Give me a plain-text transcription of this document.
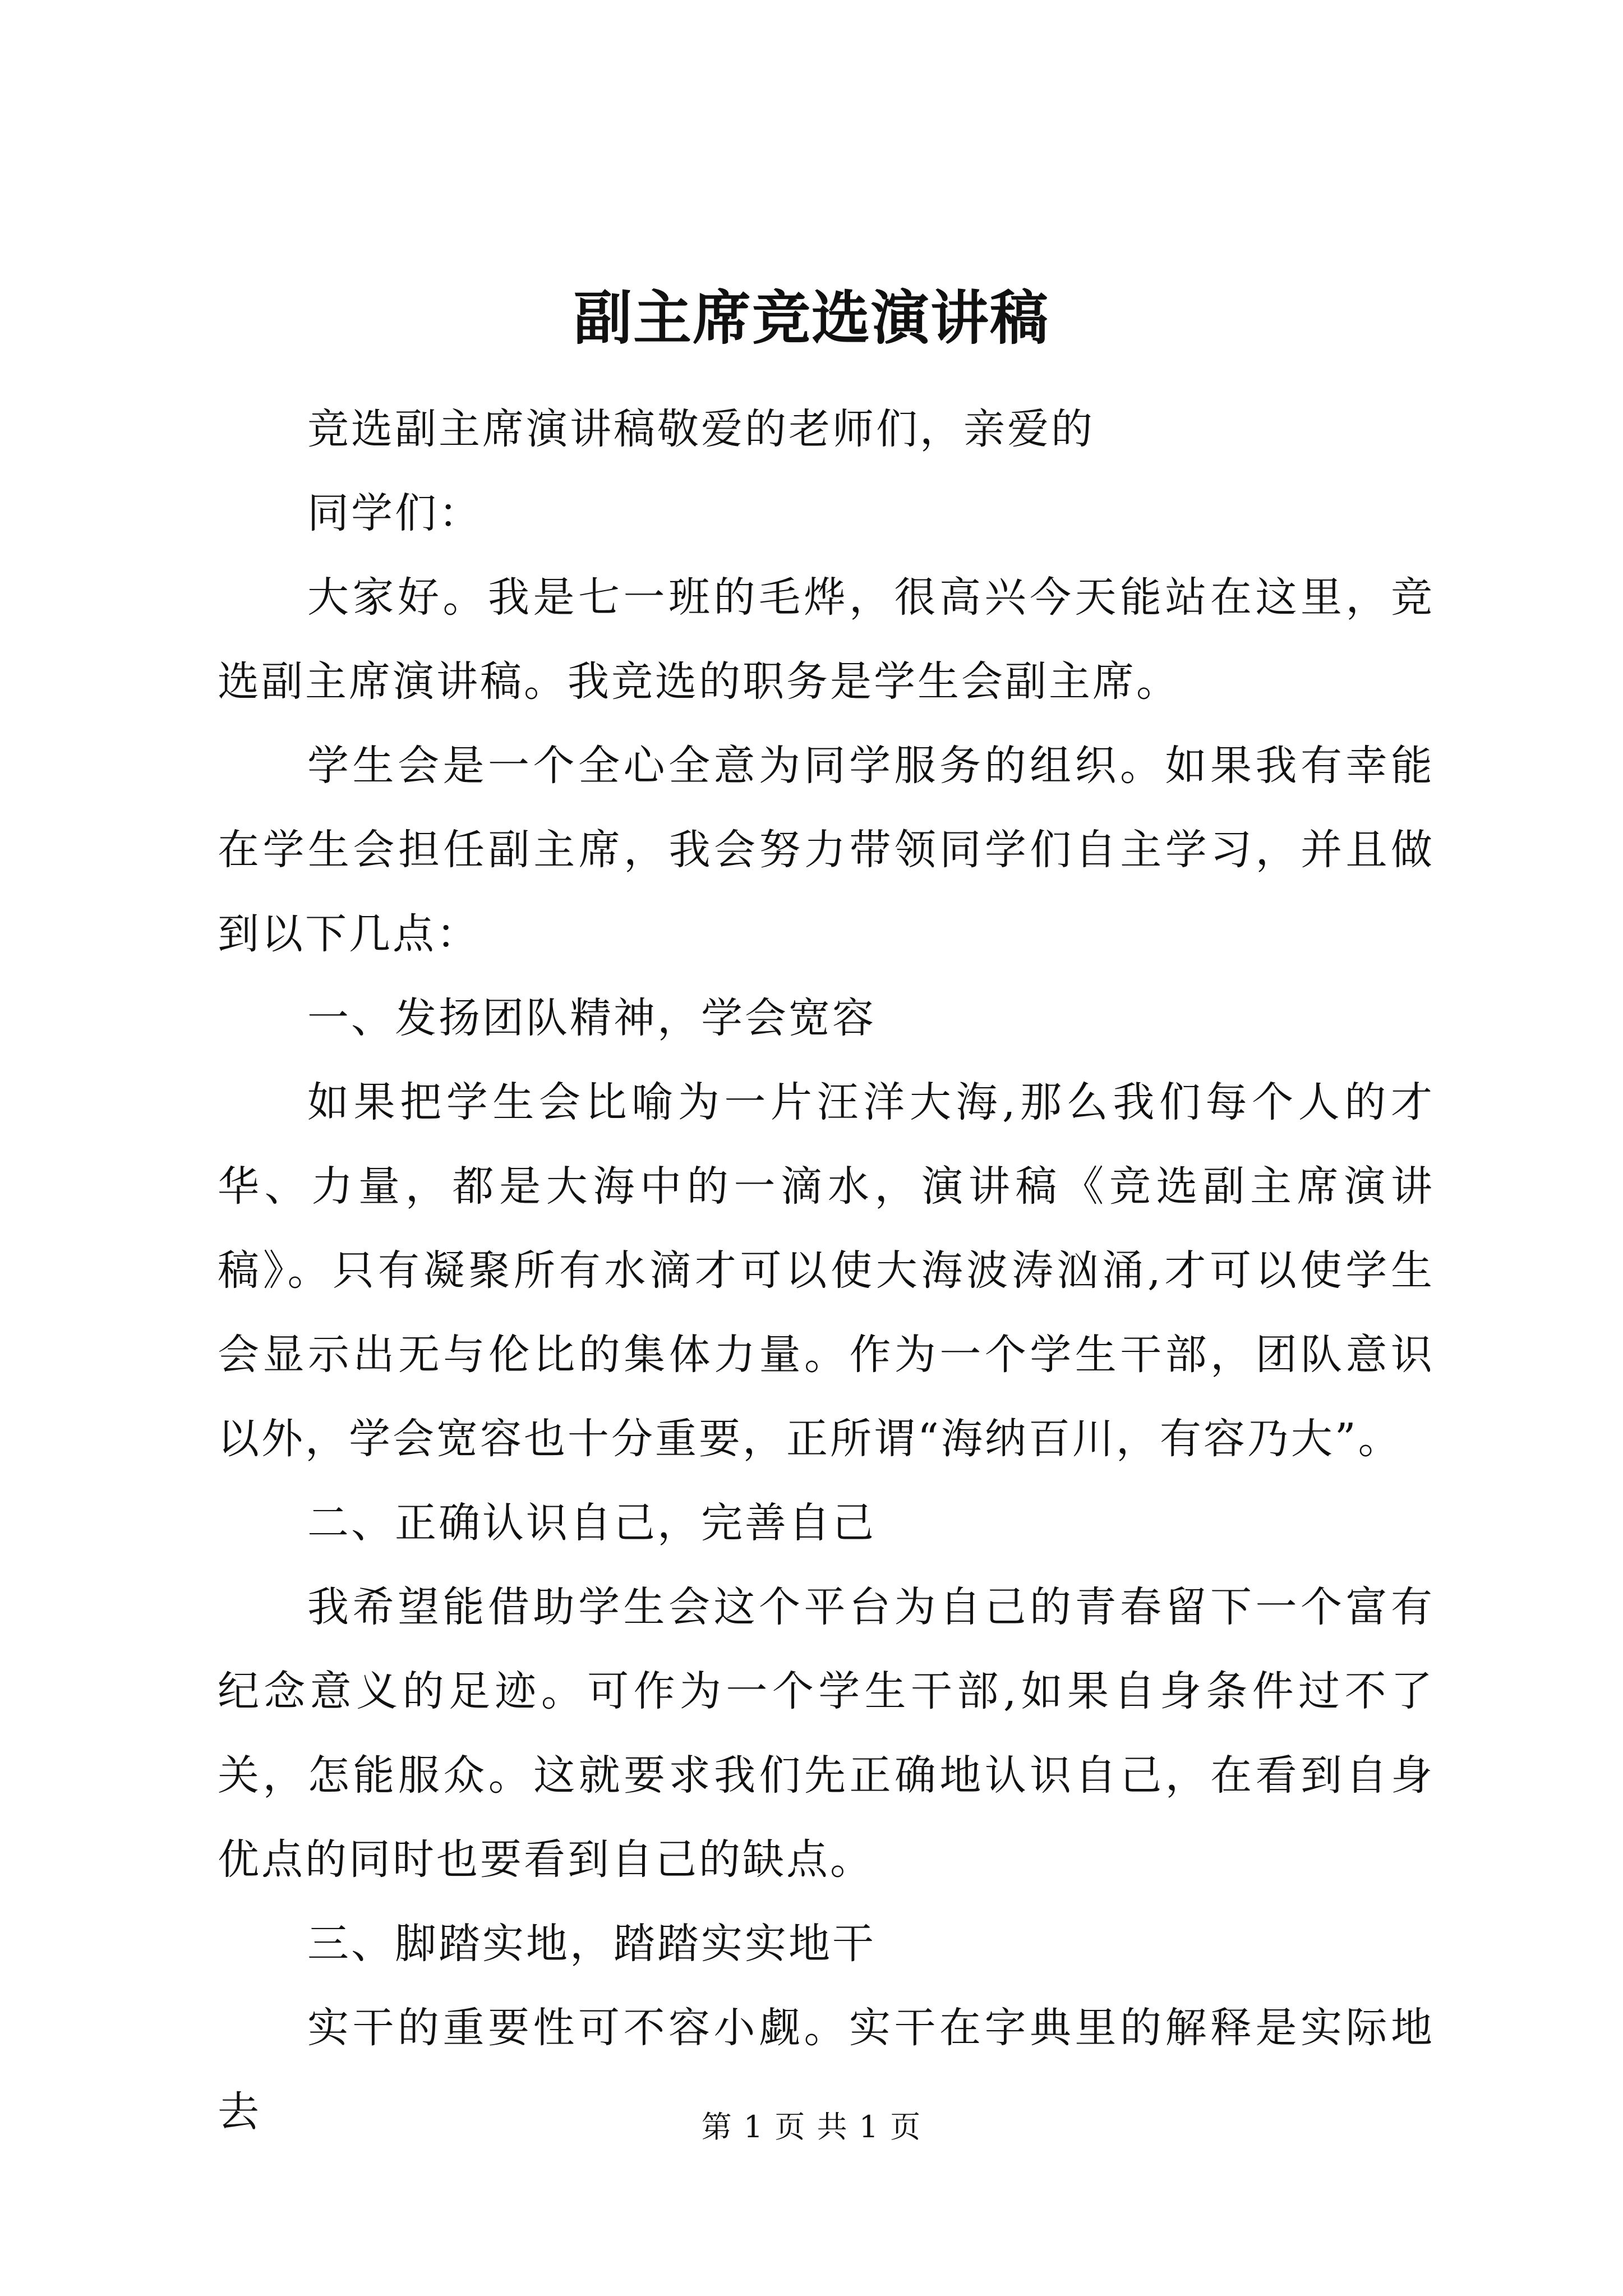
副主席竞选演讲稿

竞选副主席演讲稿敬爱的老师们，亲爱的

同学们：

大家好。我是七一班的毛烨，很高兴今天能站在这里，竞选副主席演讲稿。我竞选的职务是学生会副主席。

学生会是一个全心全意为同学服务的组织。如果我有幸能在学生会担任副主席，我会努力带领同学们自主学习，并且做到以下几点：

一、发扬团队精神，学会宽容

如果把学生会比喻为一片汪洋大海,那么我们每个人的才华、力量，都是大海中的一滴水，演讲稿《竞选副主席演讲稿》。只有凝聚所有水滴才可以使大海波涛汹涌,才可以使学生会显示出无与伦比的集体力量。作为一个学生干部，团队意识以外，学会宽容也十分重要，正所谓“海纳百川，有容乃大”。

二、正确认识自己，完善自己

我希望能借助学生会这个平台为自己的青春留下一个富有纪念意义的足迹。可作为一个学生干部,如果自身条件过不了关，怎能服众。这就要求我们先正确地认识自己，在看到自身优点的同时也要看到自己的缺点。

三、脚踏实地，踏踏实实地干

实干的重要性可不容小觑。实干在字典里的解释是实际地去	第 1 页 共 1 页
